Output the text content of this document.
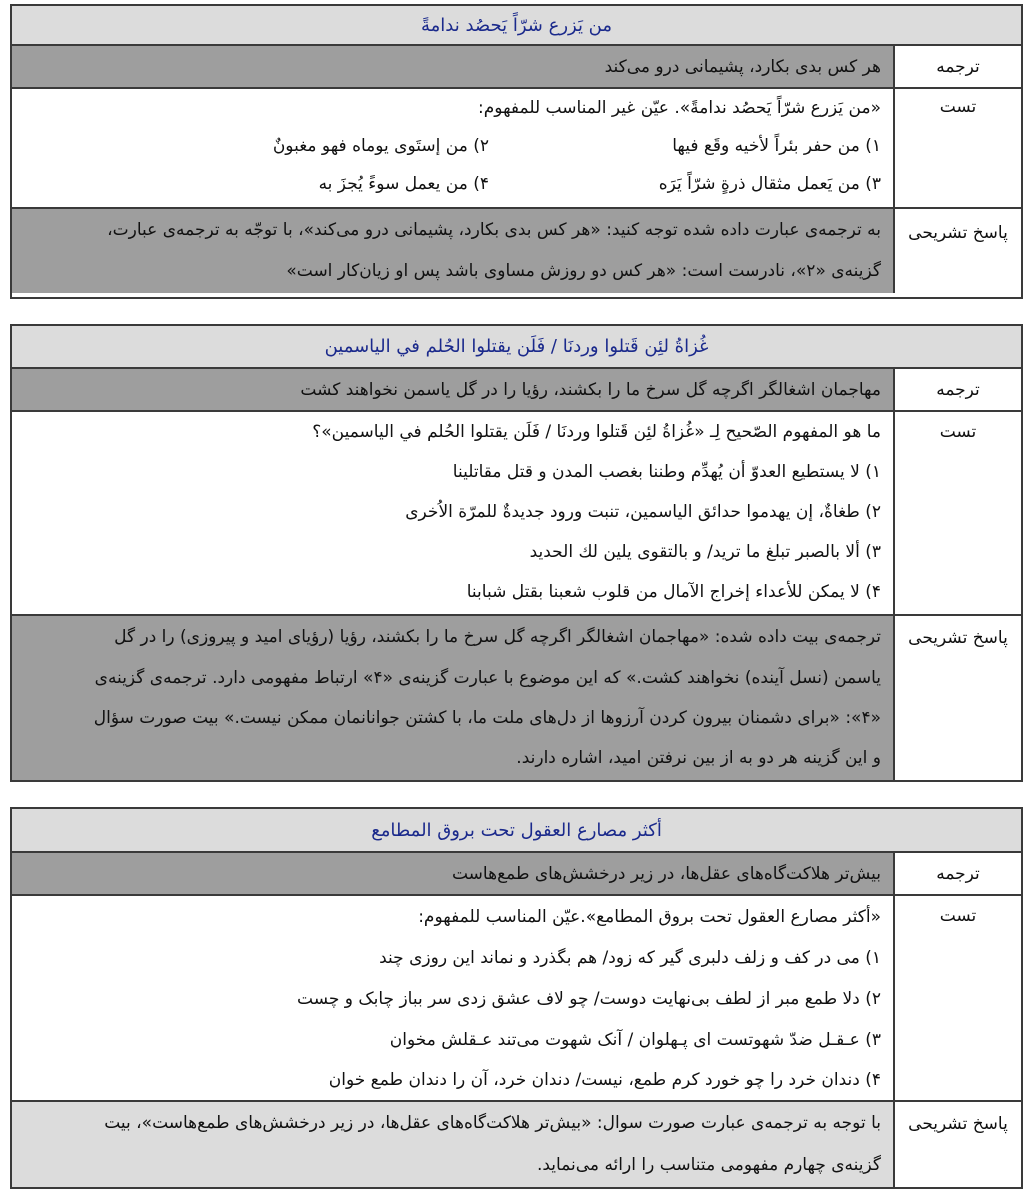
من يَزرع شرّاً يَحصُد ندامةً
ترجمه
هر کس بدی بکارد، پشیمانی درو می‌کند
تست
«من يَزرع شرّاً يَحصُد ندامةً». عيّن غير المناسب للمفهوم:
۱) من حفر بئراً لأخيه وقَع فيها
۳) من يَعمل مثقال ذرةٍ شرّاً يَرَه
۲) من إستَوى يوماه فهو مغبونٌ
۴) من يعمل سوءً يُجزَ به
پاسخ تشریحی
به ترجمه‌ی عبارت داده شده توجه کنید: «هر کس بدی بکارد، پشیمانی درو می‌کند»، با توجّه به ترجمه‌ی عبارت،
گزینه‌ی «۲»، نادرست است: «هر کس دو روزش مساوی باشد پس او زیان‌کار است»
غُزاةُ لئِن قَتلوا وردنَا / فَلَن يقتلوا الحُلم في الياسمين
ترجمه
مهاجمان اشغالگر اگرچه گل سرخ ما را بکشند، رؤیا را در گل یاسمن نخواهند کشت
تست
ما هو المفهوم الصّحيح لِـ «غُزاةُ لئِن قَتلوا وردنَا / فَلَن يقتلوا الحُلم في الياسمين»؟
۱) لا يستطيع العدوّ أن يُهدِّم وطننا بغصب المدن و قتل مقاتلينا
۲) طغاةٌ، إن يهدموا حدائق الياسمين، تنبت ورود جديدةٌ للمرّة الاُخرى
۳) ألا بالصبر تبلغ ما تريد/ و بالتقوى يلين لك الحديد
۴) لا يمكن للأعداء إخراج الآمال من قلوب شعبنا بقتل شبابنا
پاسخ تشریحی
ترجمه‌ی بیت داده شده: «مهاجمان اشغالگر اگرچه گل سرخ ما را بکشند، رؤیا (رؤیای امید و پیروزی) را در گل
یاسمن (نسل آینده) نخواهند کشت.» که این موضوع با عبارت گزینه‌ی «۴» ارتباط مفهومی دارد. ترجمه‌ی گزینه‌ی
«۴»: «برای دشمنان بیرون کردن آرزوها از دل‌های ملت ما، با کشتن جوانانمان ممکن نیست.» بیت صورت سؤال
و این گزینه هر دو به از بین نرفتن امید، اشاره دارند.
أكثر مصارع العقول تحت بروق المطامع
ترجمه
بیش‌تر هلاکت‌گاه‌های عقل‌ها، در زیر درخشش‌های طمع‌هاست
تست
«أكثر مصارع العقول تحت بروق المطامع».عيّن المناسب للمفهوم:
۱) می در کف و زلف دلبری گیر که زود/ هم بگذرد و نماند این روزی چند
۲) دلا طمع مبر از لطف بی‌نهایت دوست/ چو لاف عشق زدی سر بباز چابک و چست
۳) عـقـل ضدّ شهوتست ای پـهلوان / آنک شهوت می‌تند عـقلش مخوان
۴) دندان خرد را چو خورد کرم طمع، نیست/ دندان خرد، آن را دندان طمع خوان
پاسخ تشریحی
با توجه به ترجمه‌ی عبارت صورت سوال: «بیش‌تر هلاکت‌گاه‌های عقل‌ها، در زیر درخشش‌های طمع‌هاست»، بیت
گزینه‌ی چهارم مفهومی متناسب را ارائه می‌نماید.
